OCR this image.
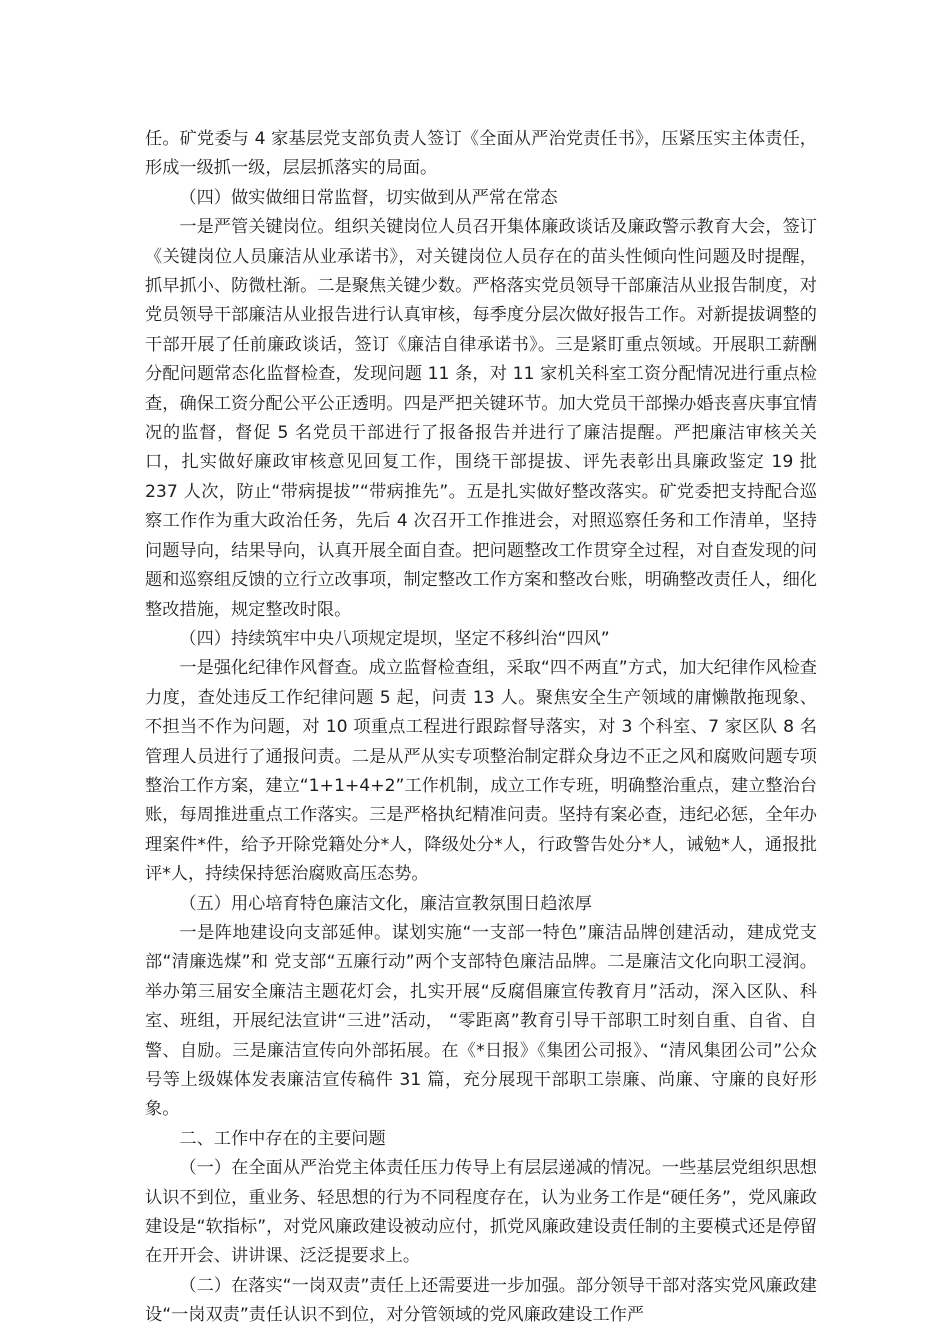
任。矿党委与 4 家基层党支部负责人签订《全面从严治党责任书》，压紧压实主体责任，形成一级抓一级，层层抓落实的局面。

（四）做实做细日常监督，切实做到从严常在常态

一是严管关键岗位。组织关键岗位人员召开集体廉政谈话及廉政警示教育大会，签订《关键岗位人员廉洁从业承诺书》，对关键岗位人员存在的苗头性倾向性问题及时提醒，抓早抓小、防微杜渐。二是聚焦关键少数。严格落实党员领导干部廉洁从业报告制度，对党员领导干部廉洁从业报告进行认真审核，每季度分层次做好报告工作。对新提拔调整的干部开展了任前廉政谈话，签订《廉洁自律承诺书》。三是紧盯重点领域。开展职工薪酬分配问题常态化监督检查，发现问题 11 条，对 11 家机关科室工资分配情况进行重点检查，确保工资分配公平公正透明。四是严把关键环节。加大党员干部操办婚丧喜庆事宜情况的监督，督促 5 名党员干部进行了报备报告并进行了廉洁提醒。严把廉洁审核关关口，扎实做好廉政审核意见回复工作，围绕干部提拔、评先表彰出具廉政鉴定 19 批 237 人次，防止“带病提拔”“带病推先”。五是扎实做好整改落实。矿党委把支持配合巡察工作作为重大政治任务，先后 4 次召开工作推进会，对照巡察任务和工作清单，坚持问题导向，结果导向，认真开展全面自查。把问题整改工作贯穿全过程，对自查发现的问题和巡察组反馈的立行立改事项，制定整改工作方案和整改台账，明确整改责任人，细化整改措施，规定整改时限。

（四）持续筑牢中央八项规定堤坝，坚定不移纠治“四风”

一是强化纪律作风督查。成立监督检查组，采取“四不两直”方式，加大纪律作风检查力度，查处违反工作纪律问题 5 起，问责 13 人。聚焦安全生产领域的庸懒散拖现象、不担当不作为问题，对 10 项重点工程进行跟踪督导落实，对 3 个科室、7 家区队 8 名管理人员进行了通报问责。二是从严从实专项整治制定群众身边不正之风和腐败问题专项整治工作方案，建立“1+1+4+2”工作机制，成立工作专班，明确整治重点，建立整治台账，每周推进重点工作落实。三是严格执纪精准问责。坚持有案必查，违纪必惩，全年办理案件*件，给予开除党籍处分*人，降级处分*人，行政警告处分*人，诫勉*人，通报批评*人，持续保持惩治腐败高压态势。

（五）用心培育特色廉洁文化，廉洁宣教氛围日趋浓厚

一是阵地建设向支部延伸。谋划实施“一支部一特色”廉洁品牌创建活动，建成党支部“清廉选煤”和 党支部“五廉行动”两个支部特色廉洁品牌。二是廉洁文化向职工浸润。举办第三届安全廉洁主题花灯会，扎实开展“反腐倡廉宣传教育月”活动，深入区队、科室、班组，开展纪法宣讲“三进”活动， “零距离”教育引导干部职工时刻自重、自省、自警、自励。三是廉洁宣传向外部拓展。在《*日报》《集团公司报》、“清风集团公司”公众号等上级媒体发表廉洁宣传稿件 31 篇，充分展现干部职工崇廉、尚廉、守廉的良好形象。

二、工作中存在的主要问题

（一）在全面从严治党主体责任压力传导上有层层递减的情况。一些基层党组织思想认识不到位，重业务、轻思想的行为不同程度存在，认为业务工作是“硬任务”，党风廉政建设是“软指标”，对党风廉政建设被动应付，抓党风廉政建设责任制的主要模式还是停留在开开会、讲讲课、泛泛提要求上。

（二）在落实“一岗双责”责任上还需要进一步加强。部分领导干部对落实党风廉政建设“一岗双责”责任认识不到位，对分管领域的党风廉政建设工作严
